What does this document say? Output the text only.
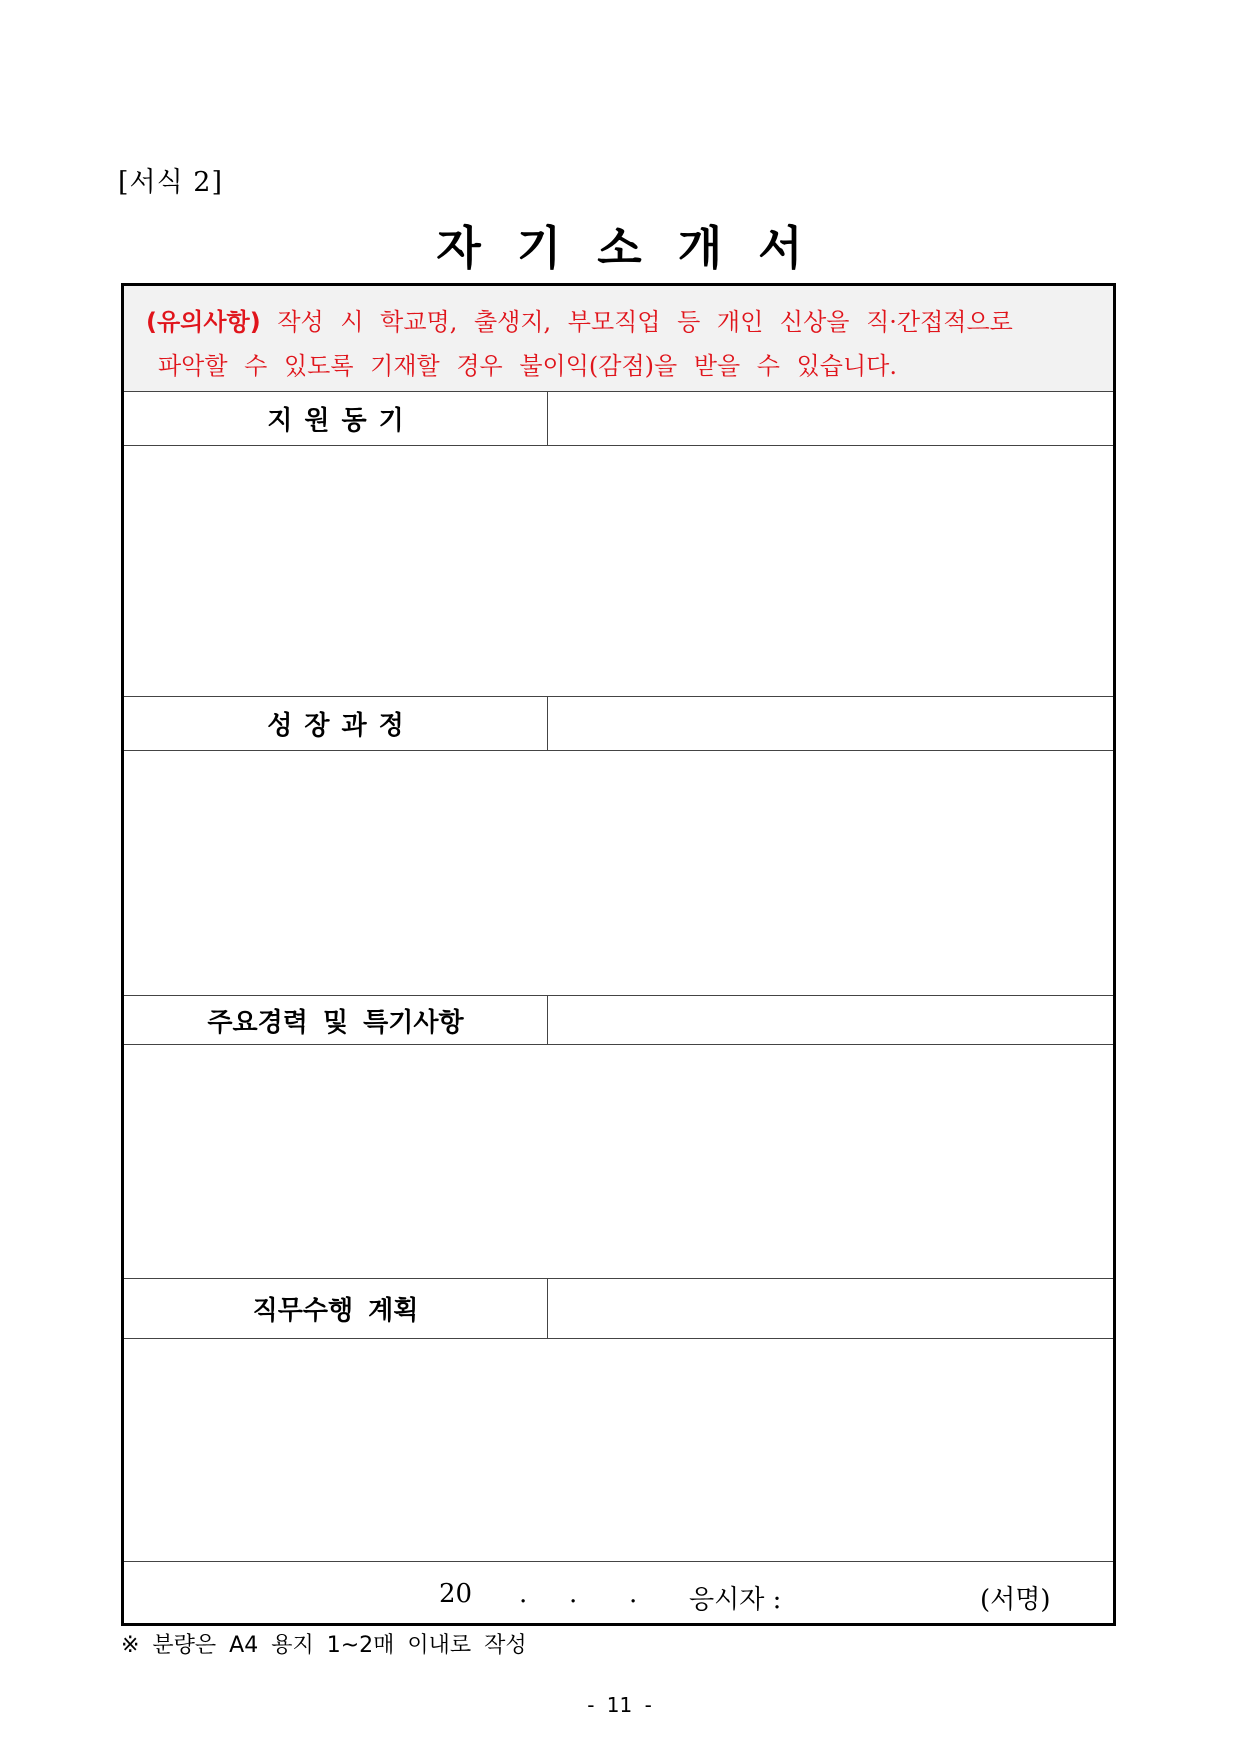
[서식 2]
자기소개서
(유의사항) 작성 시 학교명, 출생지, 부모직업 등 개인 신상을 직·간접적으로
파악할 수 있도록 기재할 경우 불이익(감점)을 받을 수 있습니다.
지원동기
성장과정
주요경력 및 특기사항
직무수행 계획
20 . . . 응시자 :	(서명)
※ 분량은 A4 용지 1~2매 이내로 작성
- 11 -
